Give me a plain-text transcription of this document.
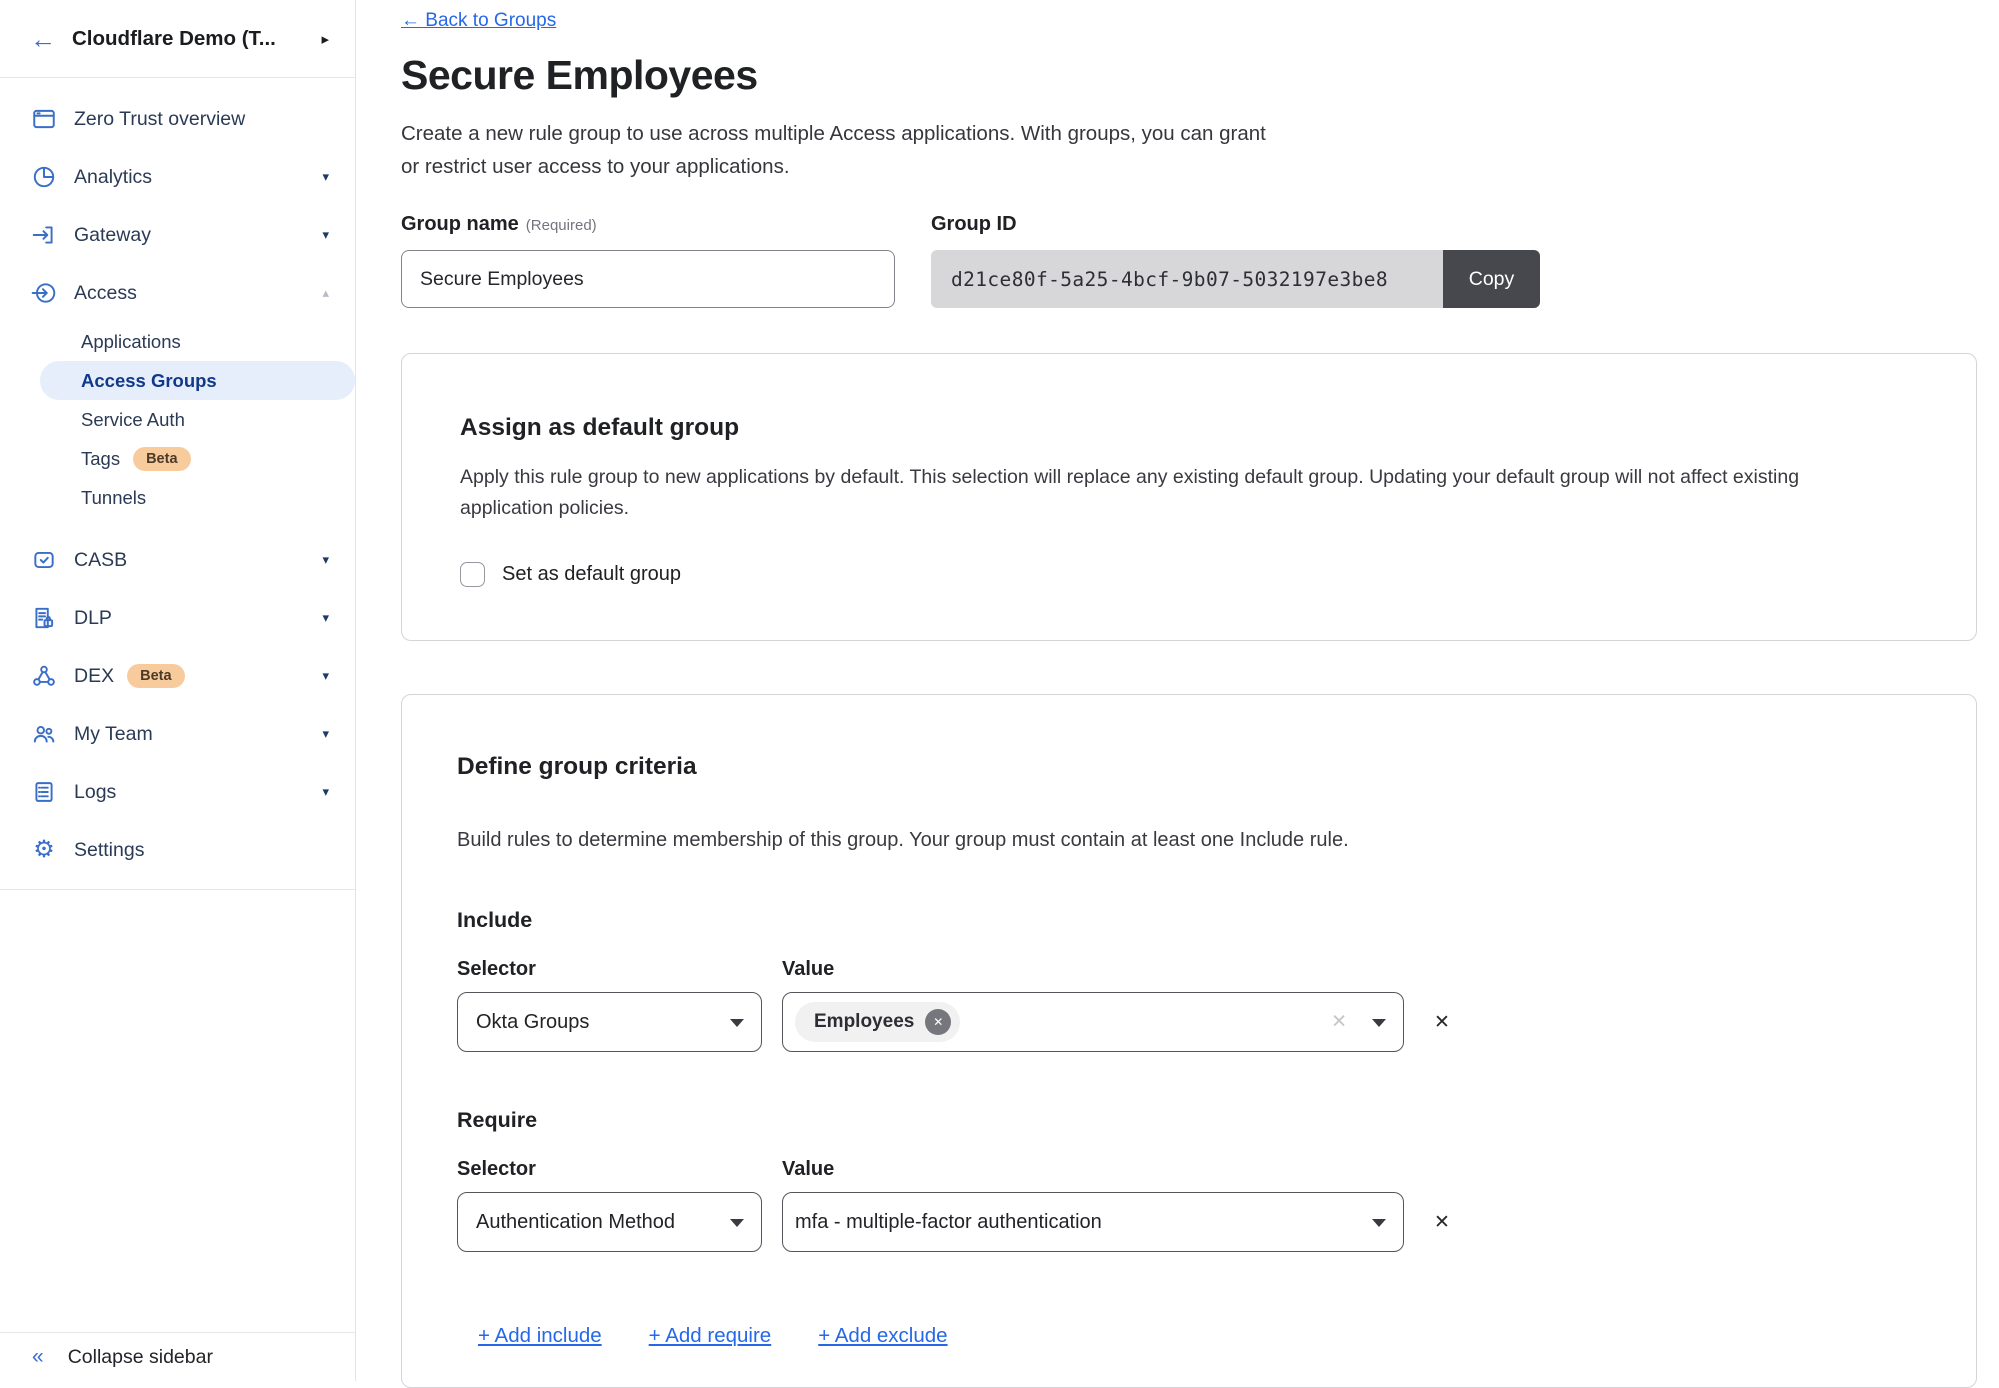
← Cloudflare Demo (T...	▸
Zero Trust overview
Analytics	▾
Gateway	▾
Access	▴
Applications
Access Groups
Service Auth
Tags	Beta
Tunnels
CASB	▾
DLP	▾
DEX	Beta	▾
My Team	▾
Logs	▾
⚙ Settings
« Collapse sidebar
← Back to Groups
Secure Employees

Create a new rule group to use across multiple Access applications. With groups, you can grant
or restrict user access to your applications.

Group name (Required)
Secure Employees	Group ID
d21ce80f-5a25-4bcf-9b07-5032197e3be8	Copy
Assign as default group

Apply this rule group to new applications by default. This selection will replace any existing default group. Updating your default group will not affect existing
application policies.

Set as default group
Define group criteria

Build rules to determine membership of this group. Your group must contain at least one Include rule.

Include
Selector	Value
Okta Groups	Employees	✕	✕	✕
Require
Selector	Value
Authentication Method	mfa - multiple-factor authentication	✕
+ Add include + Add require + Add exclude
